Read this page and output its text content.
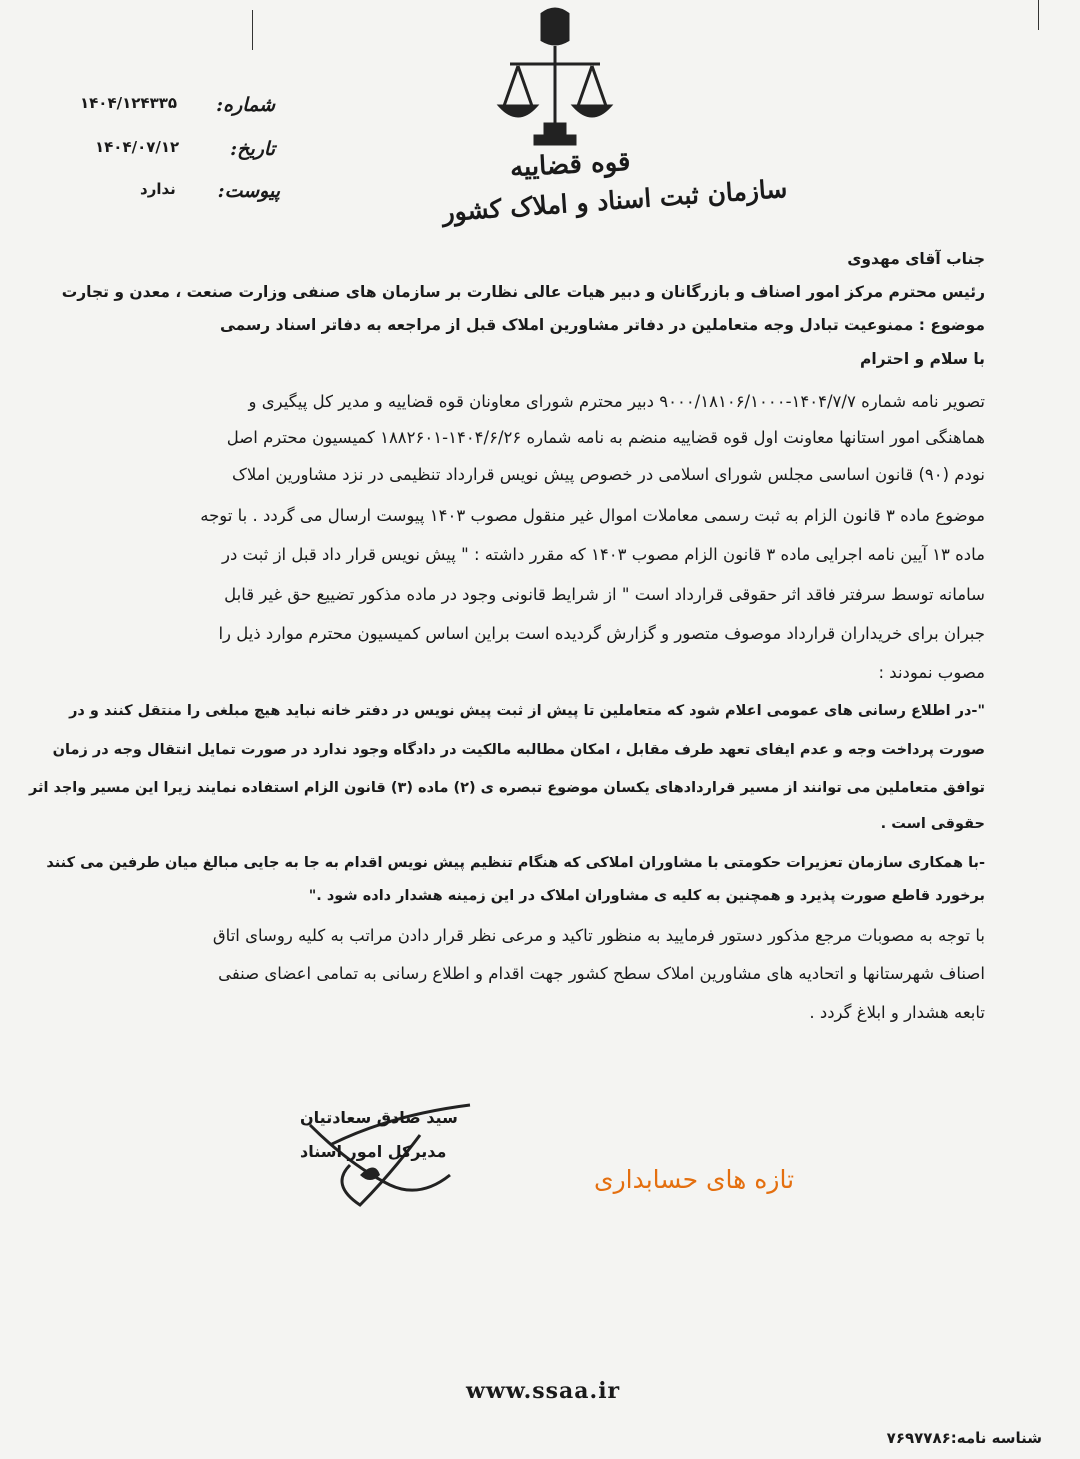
قوه قضاییه
سازمان ثبت اسناد و املاک کشور
۱۴۰۴/۱۲۴۳۳۵ شماره:
۱۴۰۴/۰۷/۱۲	تاریخ:
ندارد پیوست:
جناب آقای مهدوی
رئیس محترم مرکز امور اصناف و بازرگانان و دبیر هیات عالی نظارت بر سازمان های صنفی وزارت صنعت ، معدن و تجارت
موضوع : ممنوعیت تبادل وجه متعاملین در دفاتر مشاورین املاک قبل از مراجعه به دفاتر اسناد رسمی
با سلام و احترام
تصویر نامه شماره ۱۴۰۴/۷/۷-۹۰۰۰/۱۸۱۰۶/۱۰۰۰ دبیر محترم شورای معاونان قوه قضاییه و مدیر کل پیگیری و
هماهنگی امور استانها معاونت اول قوه قضاییه منضم به نامه شماره ۱۴۰۴/۶/۲۶-۱۸۸۲۶۰۱ کمیسیون محترم اصل
نودم (۹۰) قانون اساسی مجلس شورای اسلامی در خصوص پیش نویس قرارداد تنظیمی در نزد مشاورین املاک
موضوع ماده ۳ قانون الزام به ثبت رسمی معاملات اموال غیر منقول مصوب ۱۴۰۳ پیوست ارسال می گردد . با توجه
ماده ۱۳ آیین نامه اجرایی ماده ۳ قانون الزام مصوب ۱۴۰۳ که مقرر داشته : " پیش نویس قرار داد قبل از ثبت در
سامانه توسط سرفتر فاقد اثر حقوقی قرارداد است " از شرایط قانونی وجود در ماده مذکور تضییع حق غیر قابل
جبران برای خریداران قرارداد موصوف متصور و گزارش گردیده است براین اساس کمیسیون محترم موارد ذیل را
مصوب نمودند :
"-در اطلاع رسانی های عمومی اعلام شود که متعاملین تا پیش از ثبت پیش نویس در دفتر خانه نباید هیچ مبلغی را منتقل کنند و در
صورت پرداخت وجه و عدم ایفای تعهد طرف مقابل ، امکان مطالبه مالکیت در دادگاه وجود ندارد در صورت تمایل انتقال وجه در زمان
توافق متعاملین می توانند از مسیر قراردادهای یکسان موضوع تبصره ی (۲) ماده (۳) قانون الزام استفاده نمایند زیرا این مسیر واجد اثر
حقوقی است .
-با همکاری سازمان تعزیرات حکومتی با مشاوران املاکی که هنگام تنظیم پیش نویس اقدام به جا به جایی مبالغ میان طرفین می کنند
برخورد قاطع صورت پذیرد و همچنین به کلیه ی مشاوران املاک در این زمینه هشدار داده شود ."
با توجه به مصوبات مرجع مذکور دستور فرمایید به منظور تاکید و مرعی نظر قرار دادن مراتب به کلیه روسای اتاق
اصناف شهرستانها و اتحادیه های مشاورین املاک سطح کشور جهت اقدام و اطلاع رسانی به تمامی اعضای صنفی
تابعه هشدار و ابلاغ گردد .
سید صادق سعادتیان
مدیرکل امور اسناد
تازه های حسابداری
www.ssaa.ir
شناسه نامه:۷۶۹۷۷۸۶
